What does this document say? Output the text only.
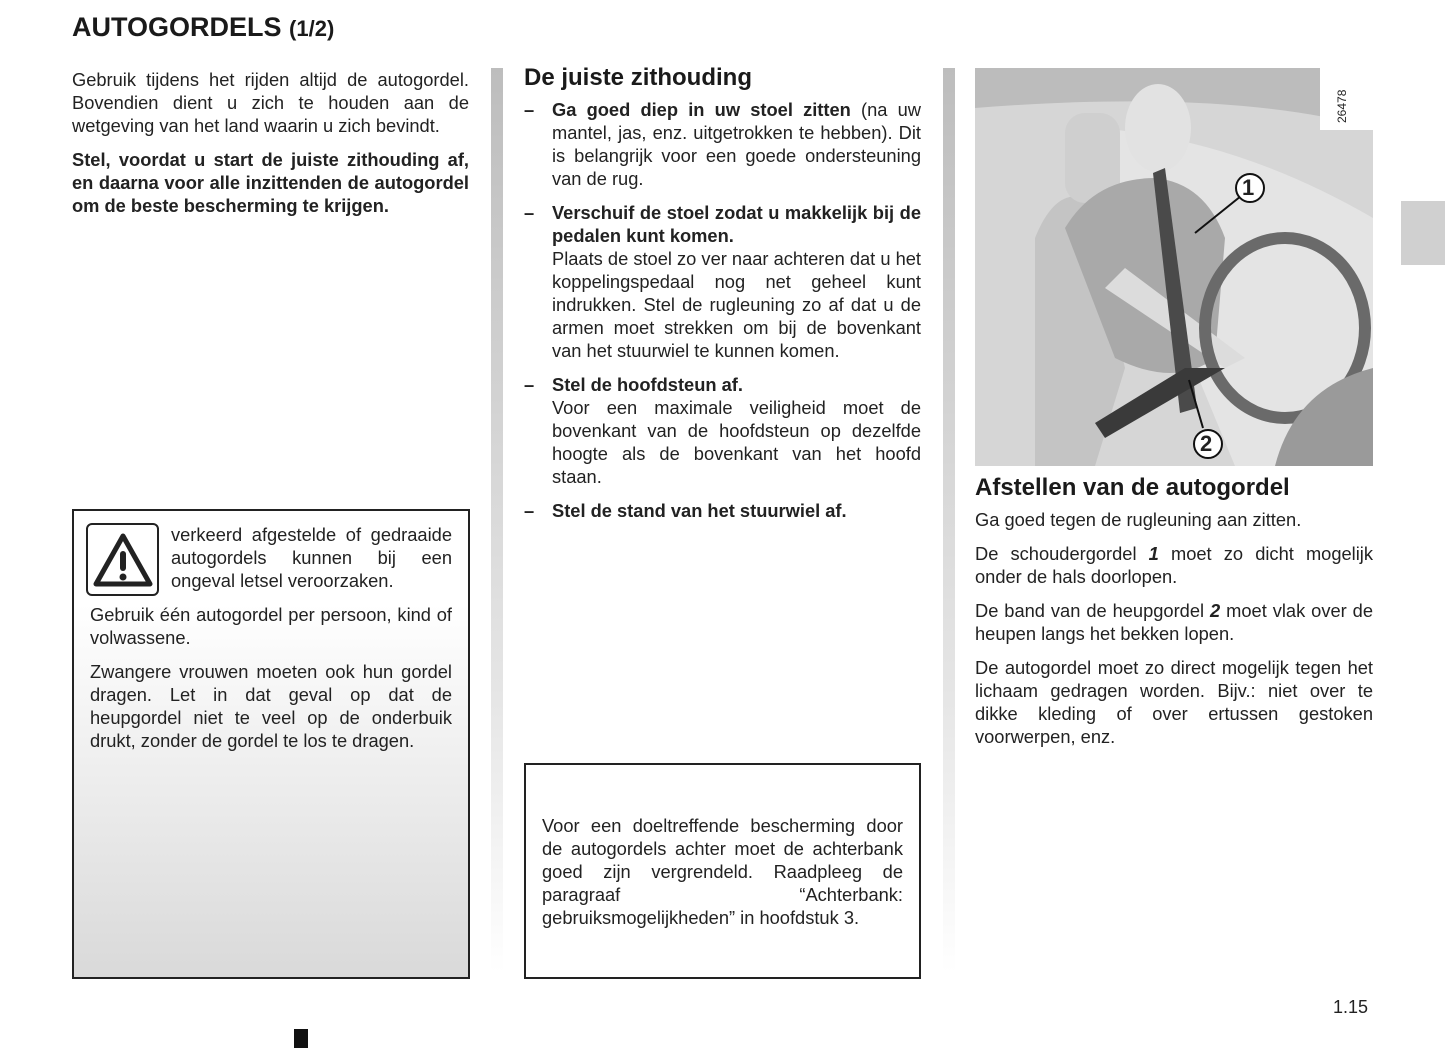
AUTOGORDELS (1/2)

Gebruik tijdens het rijden altijd de autogordel. Bovendien dient u zich te houden aan de wetgeving van het land waarin u zich bevindt.

Stel, voordat u start de juiste zithouding af, en daarna voor alle inzittenden de autogordel om de beste bescherming te krijgen.

verkeerd afgestelde of gedraaide autogordels kunnen bij een ongeval letsel veroorzaken.

Gebruik één autogordel per persoon, kind of volwassene.

Zwangere vrouwen moeten ook hun gordel dragen. Let in dat geval op dat de heupgordel niet te veel op de onderbuik drukt, zonder de gordel te los te dragen.

De juiste zithouding
– Ga goed diep in uw stoel zitten (na uw mantel, jas, enz. uitgetrokken te hebben). Dit is belangrijk voor een goede ondersteuning van de rug.
– Verschuif de stoel zodat u makkelijk bij de pedalen kunt komen.
Plaats de stoel zo ver naar achteren dat u het koppelingspedaal nog net geheel kunt indrukken. Stel de rugleuning zo af dat u de armen moet strekken om bij de bovenkant van het stuurwiel te kunnen komen.
– Stel de hoofdsteun af.
Voor een maximale veiligheid moet de bovenkant van de hoofdsteun op dezelfde hoogte als de bovenkant van het hoofd staan.
– Stel de stand van het stuurwiel af.
Voor een doeltreffende bescherming door de autogordels achter moet de achterbank goed zijn vergrendeld. Raadpleeg de paragraaf “Achterbank: gebruiksmogelijkheden” in hoofdstuk 3.
26478
1
2
Afstellen van de autogordel

Ga goed tegen de rugleuning aan zitten.

De schoudergordel 1 moet zo dicht mogelijk onder de hals doorlopen.

De band van de heupgordel 2 moet vlak over de heupen langs het bekken lopen.

De autogordel moet zo direct mogelijk tegen het lichaam gedragen worden. Bijv.: niet over te dikke kleding of over ertussen gestoken voorwerpen, enz.

1.15
